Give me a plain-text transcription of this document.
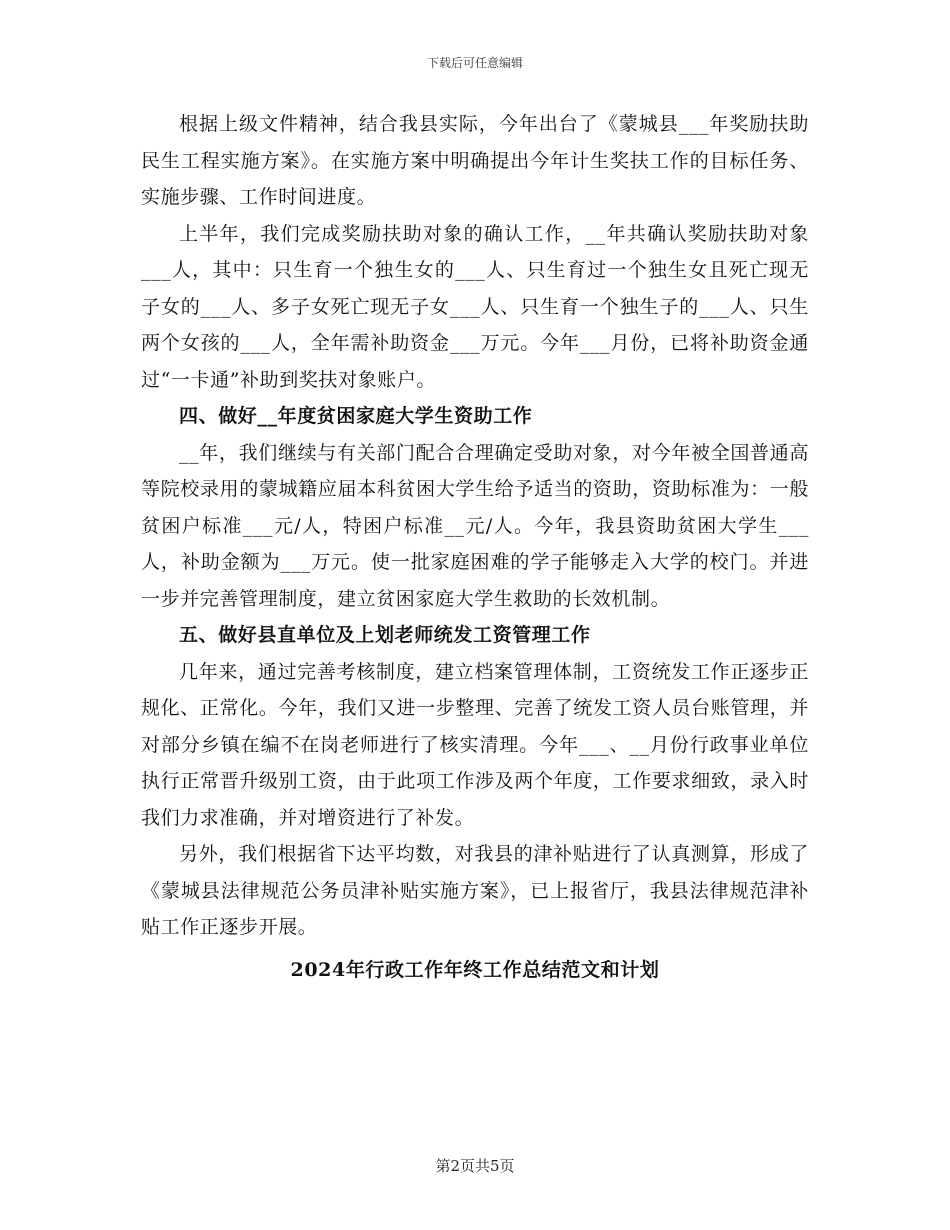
下载后可任意编辑

根据上级文件精神，结合我县实际，今年出台了《蒙城县___年奖励扶助民生工程实施方案》。在实施方案中明确提出今年计生奖扶工作的目标任务、实施步骤、工作时间进度。

上半年，我们完成奖励扶助对象的确认工作，__年共确认奖励扶助对象___人，其中：只生育一个独生女的___人、只生育过一个独生女且死亡现无子女的___人、多子女死亡现无子女___人、只生育一个独生子的___人、只生两个女孩的___人，全年需补助资金___万元。今年___月份，已将补助资金通过“一卡通”补助到奖扶对象账户。

四、做好__年度贫困家庭大学生资助工作

__年，我们继续与有关部门配合合理确定受助对象，对今年被全国普通高等院校录用的蒙城籍应届本科贫困大学生给予适当的资助，资助标准为：一般贫困户标准___元/人，特困户标准__元/人。今年，我县资助贫困大学生___人，补助金额为___万元。使一批家庭困难的学子能够走入大学的校门。并进一步并完善管理制度，建立贫困家庭大学生救助的长效机制。

五、做好县直单位及上划老师统发工资管理工作

几年来，通过完善考核制度，建立档案管理体制，工资统发工作正逐步正规化、正常化。今年，我们又进一步整理、完善了统发工资人员台账管理，并对部分乡镇在编不在岗老师进行了核实清理。今年___、__月份行政事业单位执行正常晋升级别工资，由于此项工作涉及两个年度，工作要求细致，录入时我们力求准确，并对增资进行了补发。

另外，我们根据省下达平均数，对我县的津补贴进行了认真测算，形成了《蒙城县法律规范公务员津补贴实施方案》，已上报省厅，我县法律规范津补贴工作正逐步开展。

2024年行政工作年终工作总结范文和计划

第2页共5页
